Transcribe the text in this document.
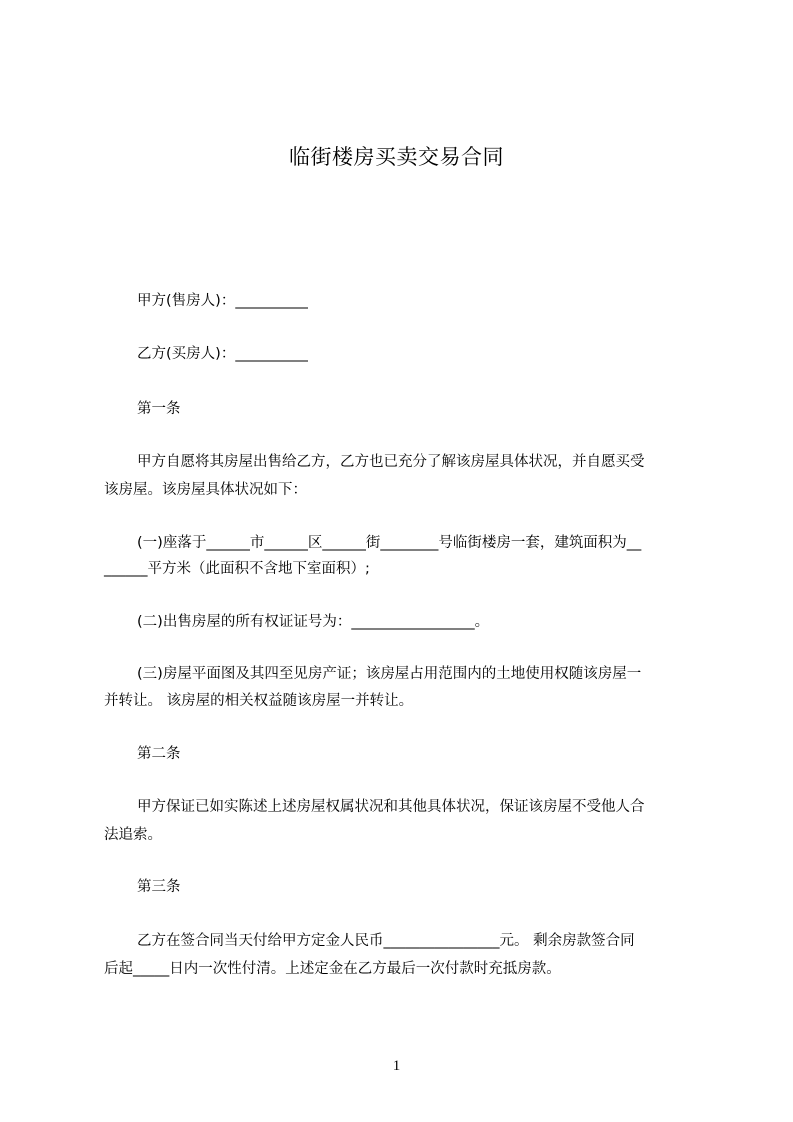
临街楼房买卖交易合同
甲方(售房人)：__________
乙方(买房人)：__________
第一条
甲方自愿将其房屋出售给乙方，乙方也已充分了解该房屋具体状况，并自愿买受
该房屋。该房屋具体状况如下：
(一)座落于______市______区______街________号临街楼房一套，建筑面积为__
______平方米（此面积不含地下室面积）;
(二)出售房屋的所有权证证号为：_________________。
(三)房屋平面图及其四至见房产证；该房屋占用范围内的土地使用权随该房屋一
并转让。 该房屋的相关权益随该房屋一并转让。
第二条
甲方保证已如实陈述上述房屋权属状况和其他具体状况，保证该房屋不受他人合
法追索。
第三条
乙方在签合同当天付给甲方定金人民币________________元。 剩余房款签合同
后起_____日内一次性付清。上述定金在乙方最后一次付款时充抵房款。
1
